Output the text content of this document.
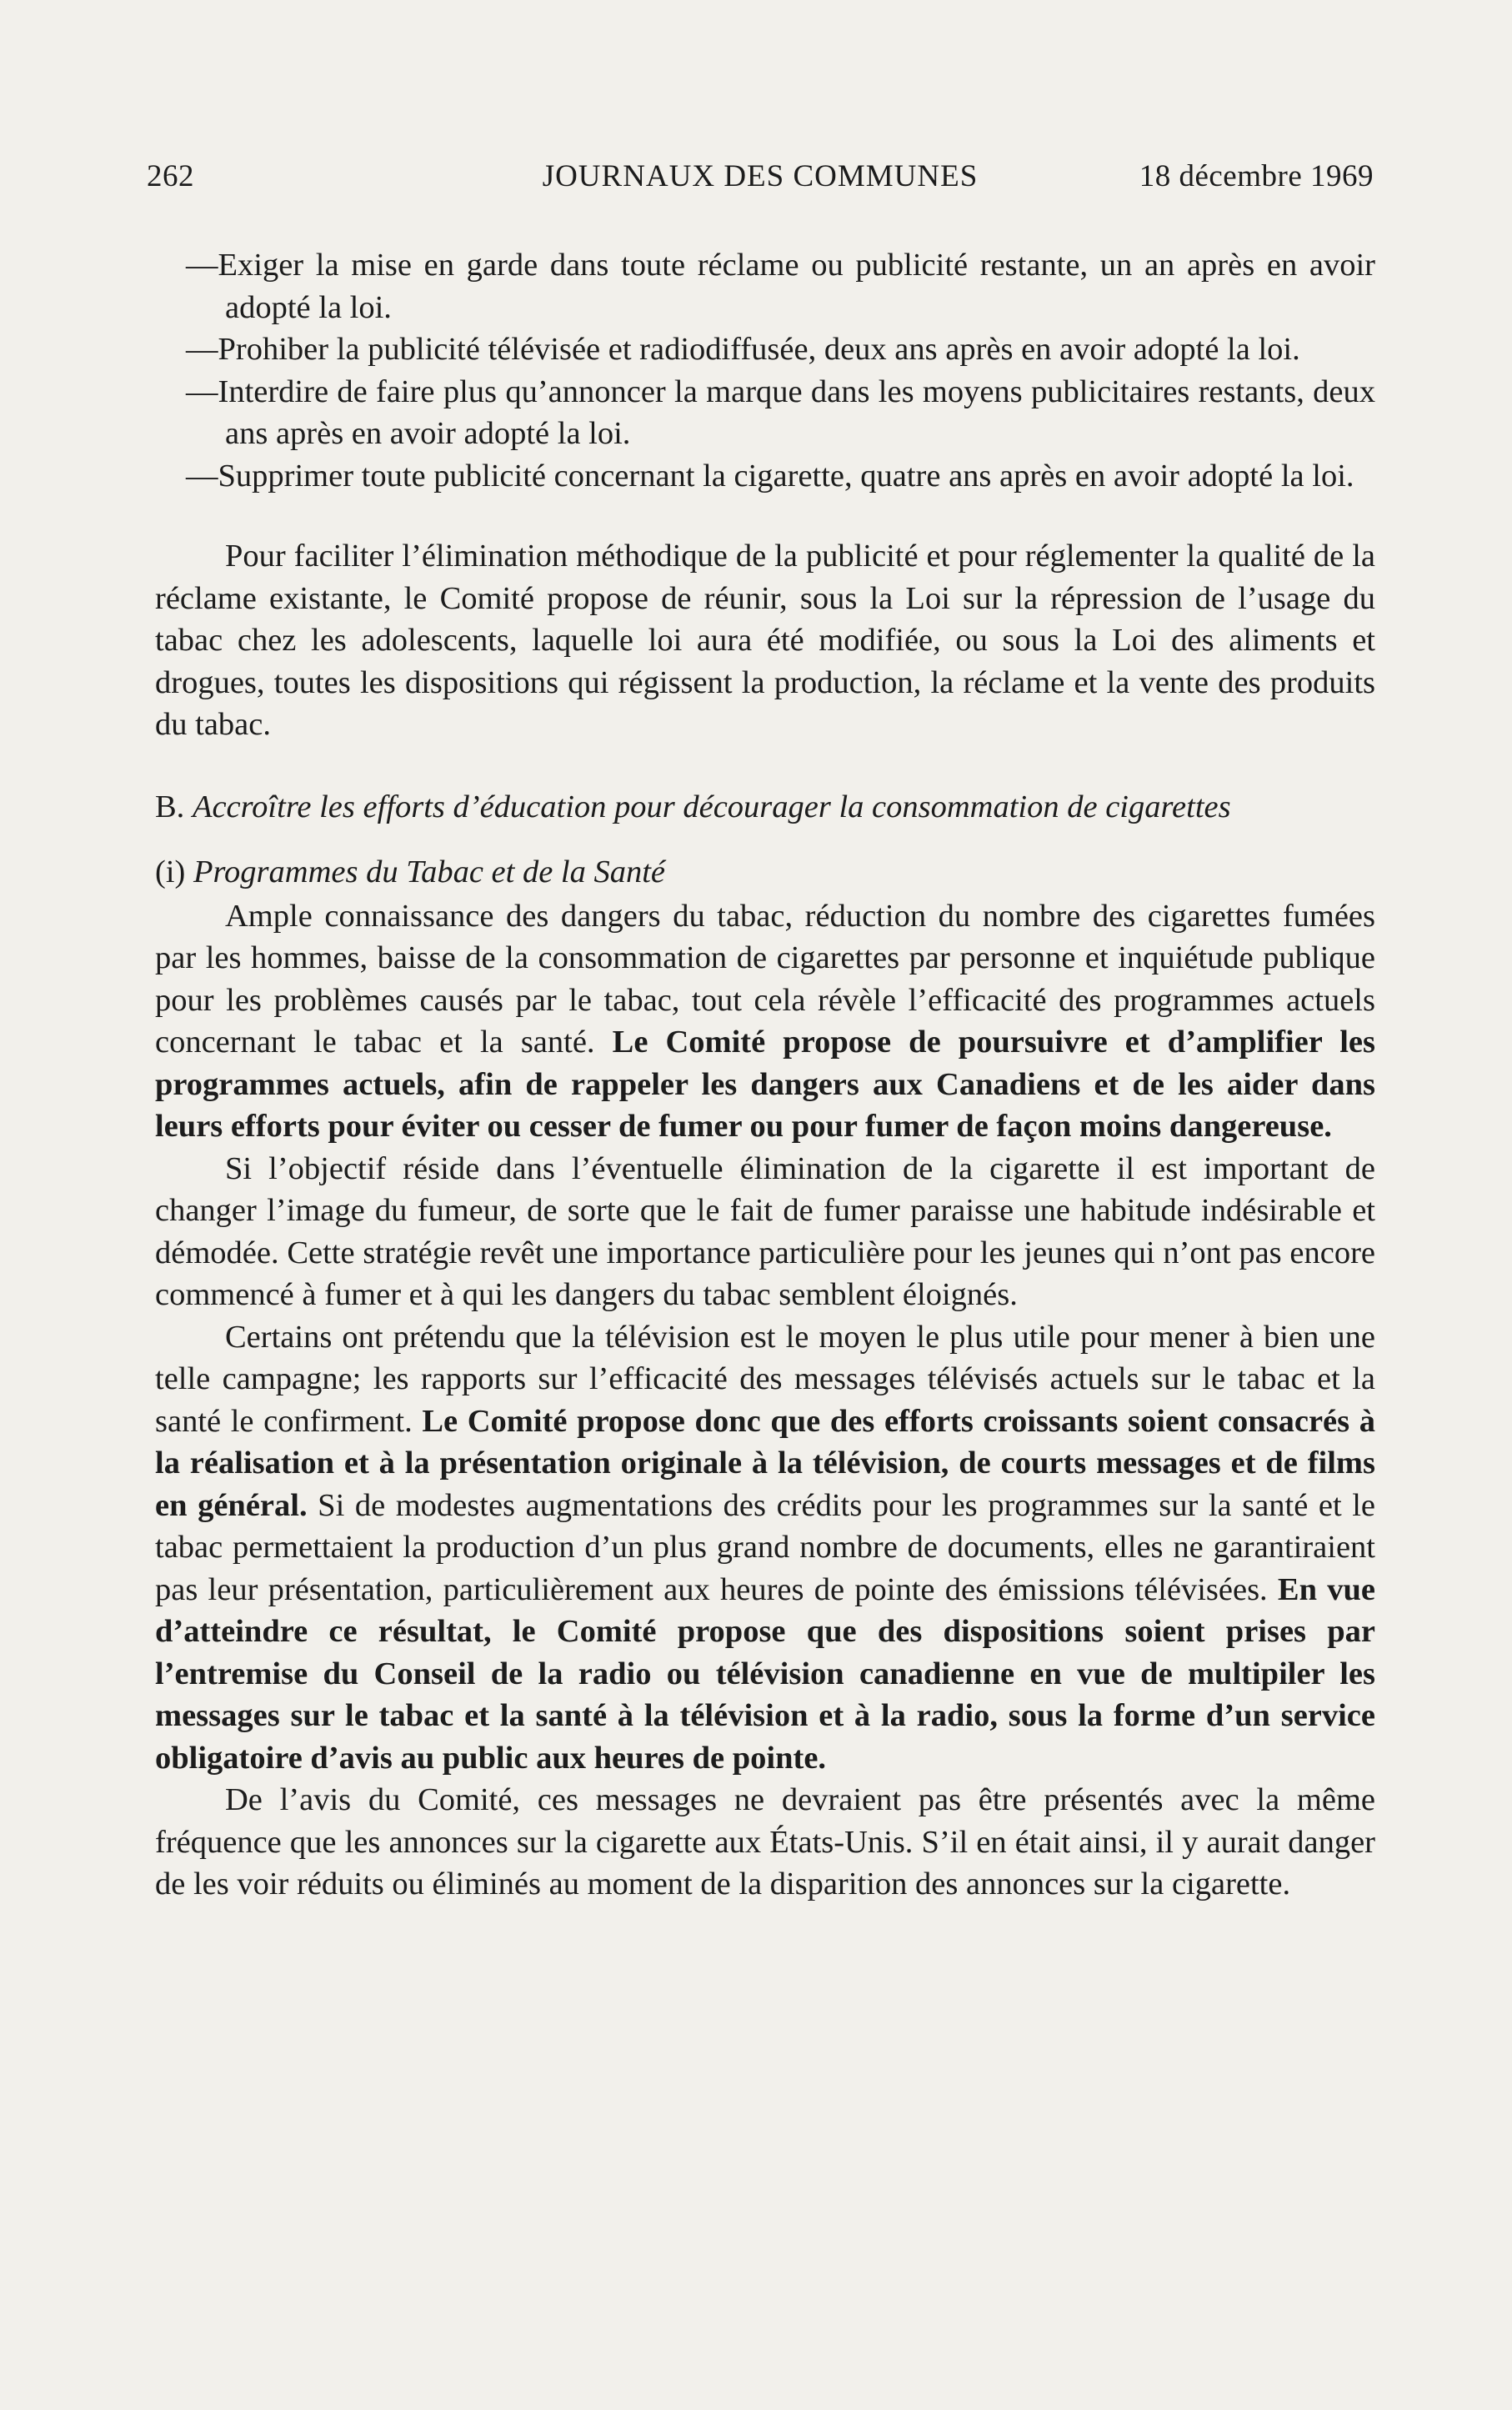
262	JOURNAUX DES COMMUNES	18 décembre 1969

—Exiger la mise en garde dans toute réclame ou publicité restante, un an après en avoir adopté la loi.

—Prohiber la publicité télévisée et radiodiffusée, deux ans après en avoir adopté la loi.

—Interdire de faire plus qu’annoncer la marque dans les moyens publicitaires restants, deux ans après en avoir adopté la loi.

—Supprimer toute publicité concernant la cigarette, quatre ans après en avoir adopté la loi.

Pour faciliter l’élimination méthodique de la publicité et pour réglementer la qualité de la réclame existante, le Comité propose de réunir, sous la Loi sur la répression de l’usage du tabac chez les adolescents, laquelle loi aura été modifiée, ou sous la Loi des aliments et drogues, toutes les dispositions qui régissent la production, la réclame et la vente des produits du tabac.

B. Accroître les efforts d’éducation pour décourager la consommation de cigarettes

(i) Programmes du Tabac et de la Santé

Ample connaissance des dangers du tabac, réduction du nombre des cigarettes fumées par les hommes, baisse de la consommation de cigarettes par personne et inquiétude publique pour les problèmes causés par le tabac, tout cela révèle l’efficacité des programmes actuels concernant le tabac et la santé. Le Comité propose de poursuivre et d’amplifier les programmes actuels, afin de rappeler les dangers aux Canadiens et de les aider dans leurs efforts pour éviter ou cesser de fumer ou pour fumer de façon moins dangereuse.

Si l’objectif réside dans l’éventuelle élimination de la cigarette il est important de changer l’image du fumeur, de sorte que le fait de fumer paraisse une habitude indésirable et démodée. Cette stratégie revêt une importance particulière pour les jeunes qui n’ont pas encore commencé à fumer et à qui les dangers du tabac semblent éloignés.

Certains ont prétendu que la télévision est le moyen le plus utile pour mener à bien une telle campagne; les rapports sur l’efficacité des messages télévisés actuels sur le tabac et la santé le confirment. Le Comité propose donc que des efforts croissants soient consacrés à la réalisation et à la présentation originale à la télévision, de courts messages et de films en général. Si de modestes augmentations des crédits pour les programmes sur la santé et le tabac permettaient la production d’un plus grand nombre de documents, elles ne garantiraient pas leur présentation, particulièrement aux heures de pointe des émissions télévisées. En vue d’atteindre ce résultat, le Comité propose que des dispositions soient prises par l’entremise du Conseil de la radio ou télévision canadienne en vue de multipiler les messages sur le tabac et la santé à la télévision et à la radio, sous la forme d’un service obligatoire d’avis au public aux heures de pointe.

De l’avis du Comité, ces messages ne devraient pas être présentés avec la même fréquence que les annonces sur la cigarette aux États-Unis. S’il en était ainsi, il y aurait danger de les voir réduits ou éliminés au moment de la disparition des annonces sur la cigarette.
